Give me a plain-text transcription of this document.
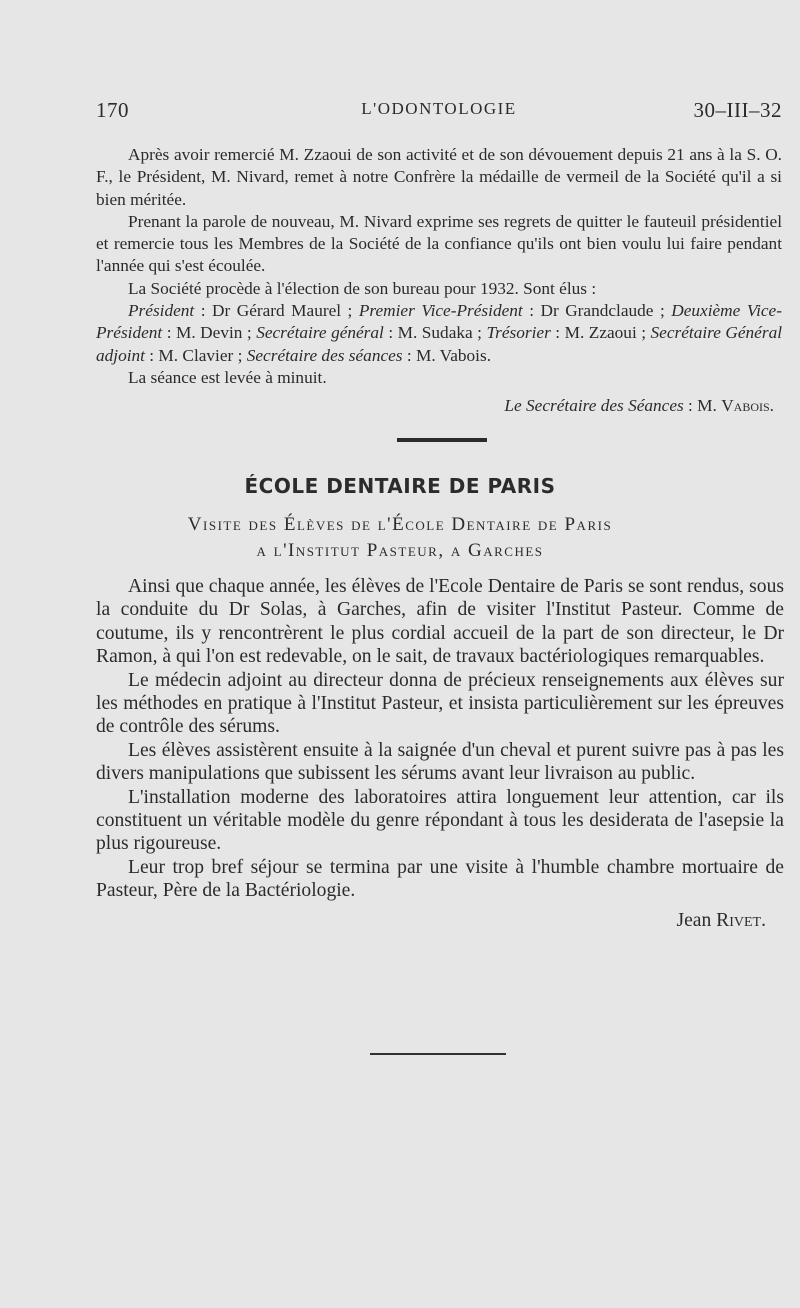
170	L'ODONTOLOGIE	30–III–32

Après avoir remercié M. Zzaoui de son activité et de son dévouement depuis 21 ans à la S. O. F., le Président, M. Nivard, remet à notre Confrère la médaille de vermeil de la Société qu'il a si bien méritée.

Prenant la parole de nouveau, M. Nivard exprime ses regrets de quitter le fauteuil présidentiel et remercie tous les Membres de la Société de la confiance qu'ils ont bien voulu lui faire pendant l'année qui s'est écoulée.

La Société procède à l'élection de son bureau pour 1932. Sont élus :

Président : Dr Gérard Maurel ; Premier Vice-Président : Dr Grandclaude ; Deuxième Vice-Président : M. Devin ; Secrétaire général : M. Sudaka ; Trésorier : M. Zzaoui ; Secrétaire Général adjoint : M. Clavier ; Secrétaire des séances : M. Vabois.

La séance est levée à minuit.

Le Secrétaire des Séances : M. Vabois.
ÉCOLE DENTAIRE DE PARIS
Visite des Élèves de l'École Dentaire de Paris
a l'Institut Pasteur, a Garches

Ainsi que chaque année, les élèves de l'Ecole Dentaire de Paris se sont rendus, sous la conduite du Dr Solas, à Garches, afin de visiter l'Institut Pasteur. Comme de coutume, ils y rencontrèrent le plus cordial accueil de la part de son directeur, le Dr Ramon, à qui l'on est redevable, on le sait, de travaux bactériologiques remarquables.

Le médecin adjoint au directeur donna de précieux renseignements aux élèves sur les méthodes en pratique à l'Institut Pasteur, et insista particulièrement sur les épreuves de contrôle des sérums.

Les élèves assistèrent ensuite à la saignée d'un cheval et purent suivre pas à pas les divers manipulations que subissent les sérums avant leur livraison au public.

L'installation moderne des laboratoires attira longuement leur attention, car ils constituent un véritable modèle du genre répondant à tous les desiderata de l'asepsie la plus rigoureuse.

Leur trop bref séjour se termina par une visite à l'humble chambre mortuaire de Pasteur, Père de la Bactériologie.

Jean Rivet.
